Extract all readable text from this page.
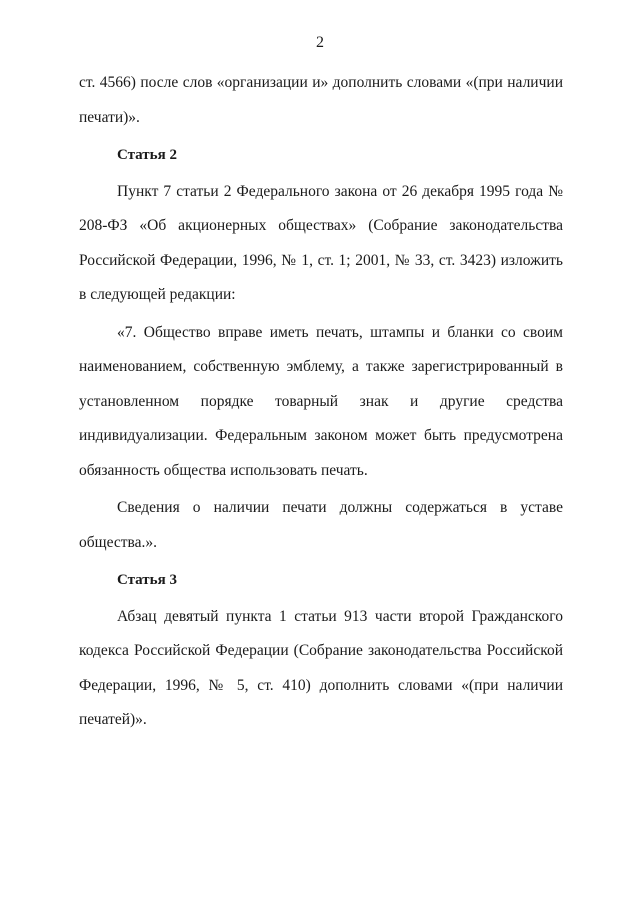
2

ст. 4566) после слов «организации и» дополнить словами «(при наличии печати)».

Статья 2

Пункт 7 статьи 2 Федерального закона от 26 декабря 1995 года № 208-ФЗ «Об акционерных обществах» (Собрание законодательства Российской Федерации, 1996, № 1, ст. 1; 2001, № 33, ст. 3423) изложить в следующей редакции:

«7. Общество вправе иметь печать, штампы и бланки со своим наименованием, собственную эмблему, а также зарегистрированный в установленном порядке товарный знак и другие средства индивидуализации. Федеральным законом может быть предусмотрена обязанность общества использовать печать.

Сведения о наличии печати должны содержаться в уставе общества.».

Статья 3

Абзац девятый пункта 1 статьи 913 части второй Гражданского кодекса Российской Федерации (Собрание законодательства Российской Федерации, 1996, № 5, ст. 410) дополнить словами «(при наличии печатей)».
